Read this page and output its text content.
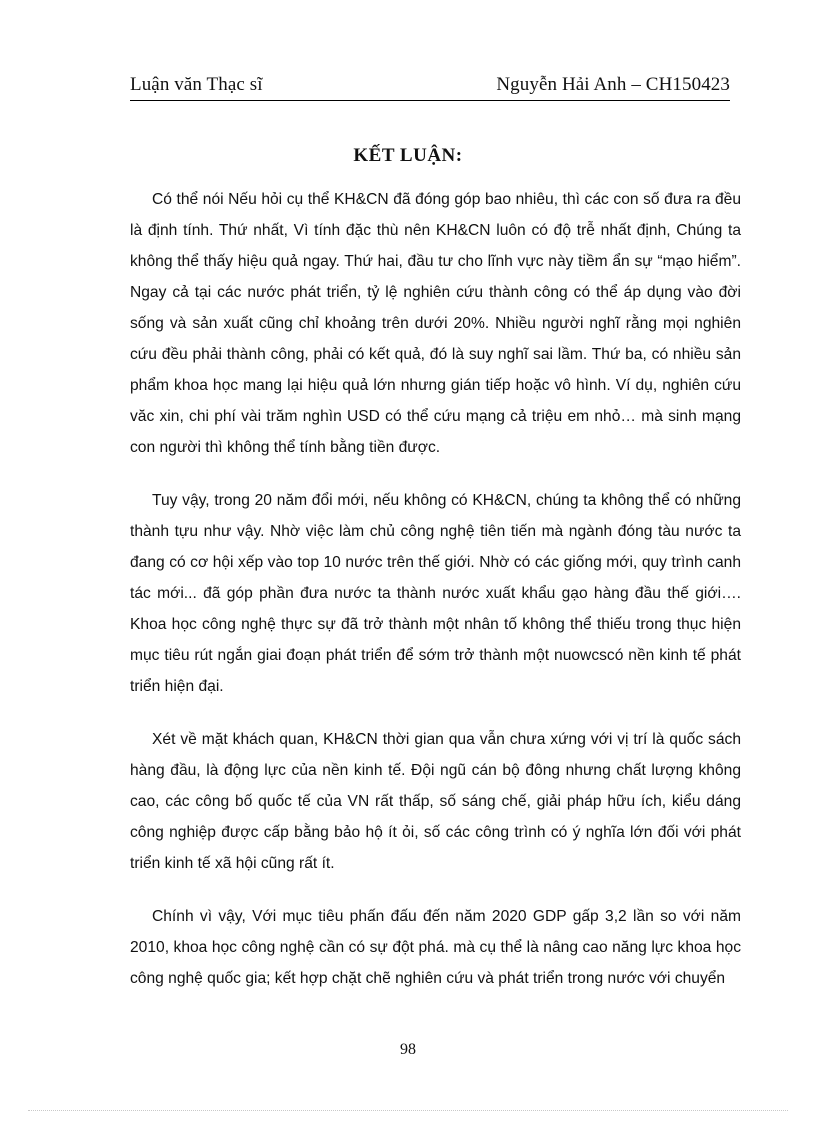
Luận văn Thạc sĩ	Nguyễn Hải Anh – CH150423
KẾT LUẬN:

Có thể nói Nếu hỏi cụ thể KH&CN đã đóng góp bao nhiêu, thì các con số đưa ra đều là định tính. Thứ nhất, Vì tính đặc thù nên KH&CN luôn có độ trễ nhất định, Chúng ta không thể thấy hiệu quả ngay. Thứ hai, đầu tư cho lĩnh vực này tiềm ẩn sự “mạo hiểm”. Ngay cả tại các nước phát triển, tỷ lệ nghiên cứu thành công có thể áp dụng vào đời sống và sản xuất cũng chỉ khoảng trên dưới 20%. Nhiều người nghĩ rằng mọi nghiên cứu đều phải thành công, phải có kết quả, đó là suy nghĩ sai lầm. Thứ ba, có nhiều sản phẩm khoa học mang lại hiệu quả lớn nhưng gián tiếp hoặc vô hình. Ví dụ, nghiên cứu văc xin, chi phí vài trăm nghìn USD có thể cứu mạng cả triệu em nhỏ… mà sinh mạng con người thì không thể tính bằng tiền được.

Tuy vậy, trong 20 năm đổi mới, nếu không có KH&CN, chúng ta không thể có những thành tựu như vậy. Nhờ việc làm chủ công nghệ tiên tiến mà ngành đóng tàu nước ta đang có cơ hội xếp vào top 10 nước trên thế giới. Nhờ có các giống mới, quy trình canh tác mới... đã góp phần đưa nước ta thành nước xuất khẩu gạo hàng đầu thế giới…. Khoa học công nghệ thực sự đã trở thành một nhân tố không thể thiếu trong thục hiện mục tiêu rút ngắn giai đoạn phát triển để sớm trở thành một nuowcscó nền kinh tế phát triển hiện đại.

Xét về mặt khách quan, KH&CN thời gian qua vẫn chưa xứng với vị trí là quốc sách hàng đầu, là động lực của nền kinh tế. Đội ngũ cán bộ đông nhưng chất lượng không cao, các công bố quốc tế của VN rất thấp, số sáng chế, giải pháp hữu ích, kiểu dáng công nghiệp được cấp bằng bảo hộ ít ỏi, số các công trình có ý nghĩa lớn đối với phát triển kinh tế xã hội cũng rất ít.

Chính vì vậy, Với mục tiêu phấn đấu đến năm 2020 GDP gấp 3,2 lần so với năm 2010, khoa học công nghệ cần có sự đột phá. mà cụ thể là nâng cao năng lực khoa học công nghệ quốc gia; kết hợp chặt chẽ nghiên cứu và phát triển trong nước với chuyển

98
